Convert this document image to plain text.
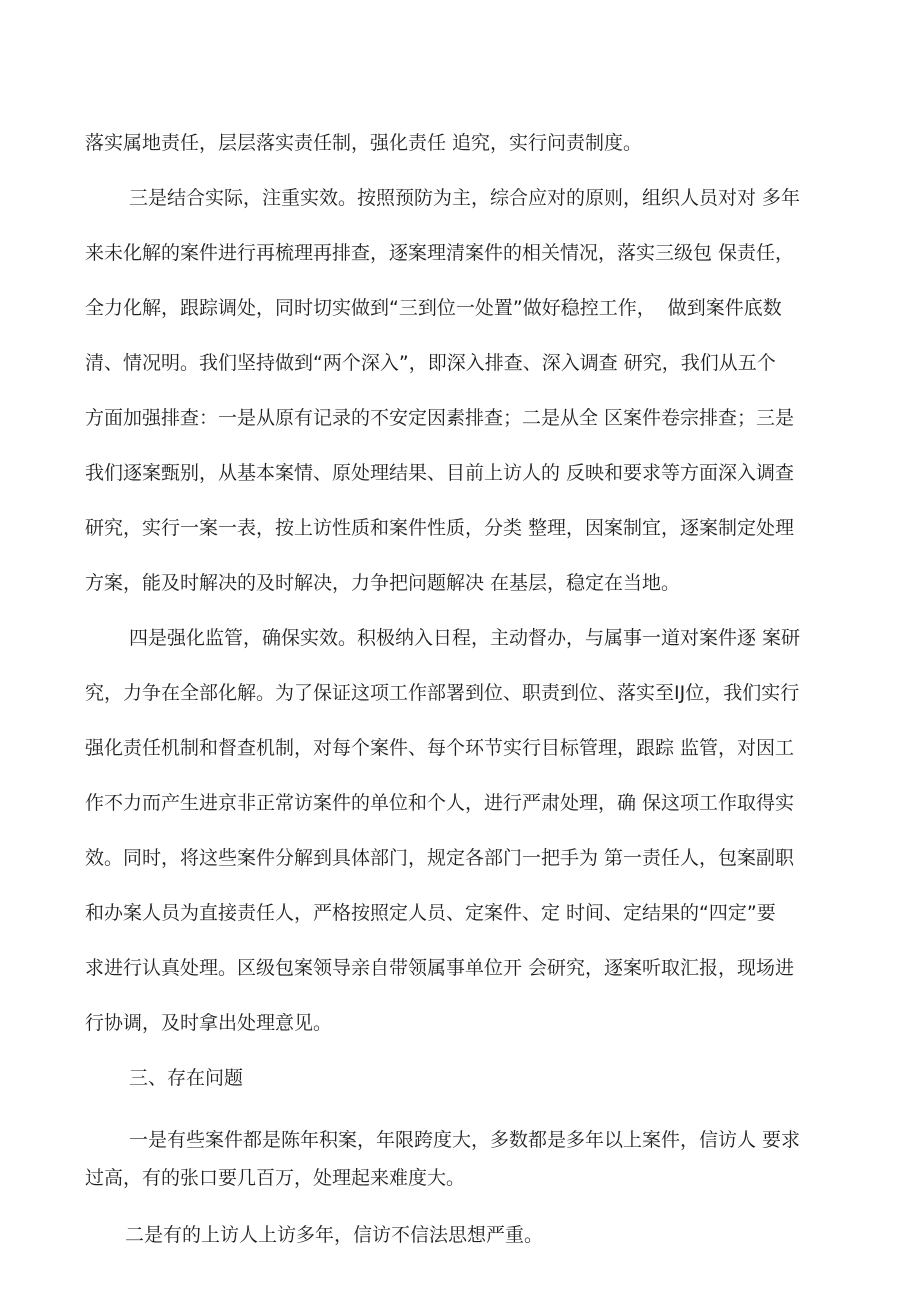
落实属地责任，层层落实责任制，强化责任 追究，实行问责制度。

三是结合实际，注重实效。按照预防为主，综合应对的原则，组织人员对对 多年

来未化解的案件进行再梳理再排查，逐案理清案件的相关情况，落实三级包 保责任，

全力化解，跟踪调处，同时切实做到“三到位一处置”做好稳控工作，  做到案件底数

清、情况明。我们坚持做到“两个深入”，即深入排查、深入调查 研究，我们从五个

方面加强排查：一是从原有记录的不安定因素排查；二是从全 区案件卷宗排查；三是

我们逐案甄别，从基本案情、原处理结果、目前上访人的 反映和要求等方面深入调查

研究，实行一案一表，按上访性质和案件性质，分类 整理，因案制宜，逐案制定处理

方案，能及时解决的及时解决，力争把问题解决 在基层，稳定在当地。

四是强化监管，确保实效。积极纳入日程，主动督办，与属事一道对案件逐 案研

究，力争在全部化解。为了保证这项工作部署到位、职责到位、落实至IJ位，我们实行

强化责任机制和督查机制，对每个案件、每个环节实行目标管理，跟踪 监管，对因工

作不力而产生进京非正常访案件的单位和个人，进行严肃处理，确 保这项工作取得实

效。同时，将这些案件分解到具体部门，规定各部门一把手为 第一责任人，包案副职

和办案人员为直接责任人，严格按照定人员、定案件、定 时间、定结果的“四定”要

求进行认真处理。区级包案领导亲自带领属事单位开 会研究，逐案听取汇报，现场进

行协调，及时拿出处理意见。

三、存在问题

一是有些案件都是陈年积案，年限跨度大，多数都是多年以上案件，信访人 要求

过高，有的张口要几百万，处理起来难度大。

二是有的上访人上访多年，信访不信法思想严重。
